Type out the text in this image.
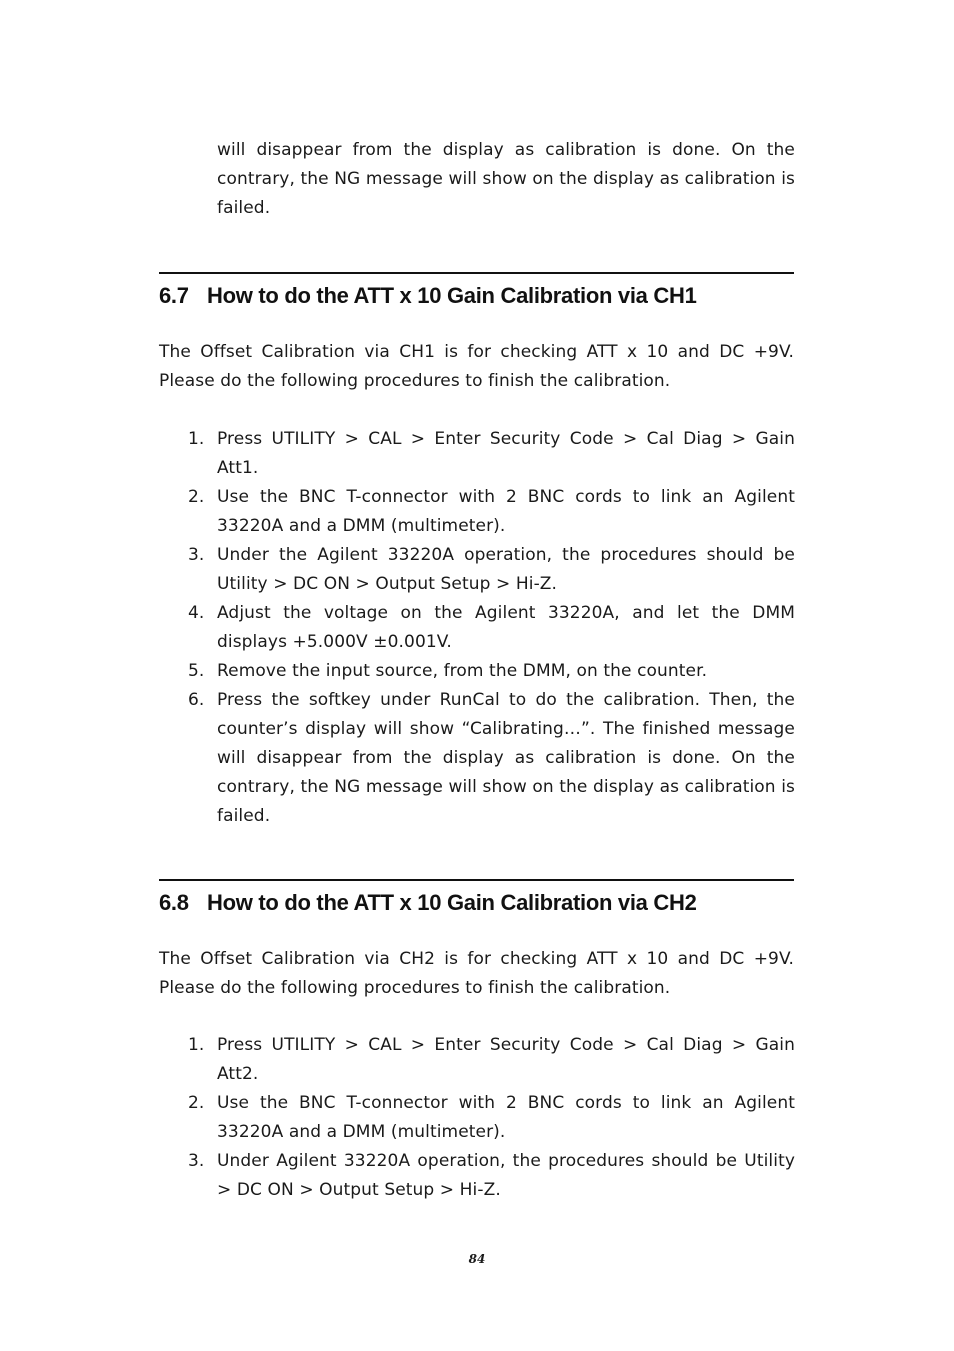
will disappear from the display as calibration is done. On the contrary, the NG message will show on the display as calibration is failed.

6.7 How to do the ATT x 10 Gain Calibration via CH1

The Offset Calibration via CH1 is for checking ATT x 10 and DC +9V. Please do the following procedures to finish the calibration.

1. Press UTILITY > CAL > Enter Security Code > Cal Diag > Gain Att1.
2. Use the BNC T-connector with 2 BNC cords to link an Agilent 33220A and a DMM (multimeter).
3. Under the Agilent 33220A operation, the procedures should be Utility > DC ON > Output Setup > Hi-Z.
4. Adjust the voltage on the Agilent 33220A, and let the DMM displays +5.000V ±0.001V.
5. Remove the input source, from the DMM, on the counter.
6. Press the softkey under RunCal to do the calibration. Then, the counter’s display will show “Calibrating…”. The finished message will disappear from the display as calibration is done. On the contrary, the NG message will show on the display as calibration is failed.
6.8 How to do the ATT x 10 Gain Calibration via CH2

The Offset Calibration via CH2 is for checking ATT x 10 and DC +9V. Please do the following procedures to finish the calibration.

1. Press UTILITY > CAL > Enter Security Code > Cal Diag > Gain Att2.
2. Use the BNC T-connector with 2 BNC cords to link an Agilent 33220A and a DMM (multimeter).
3. Under Agilent 33220A operation, the procedures should be Utility > DC ON > Output Setup > Hi-Z.
84
